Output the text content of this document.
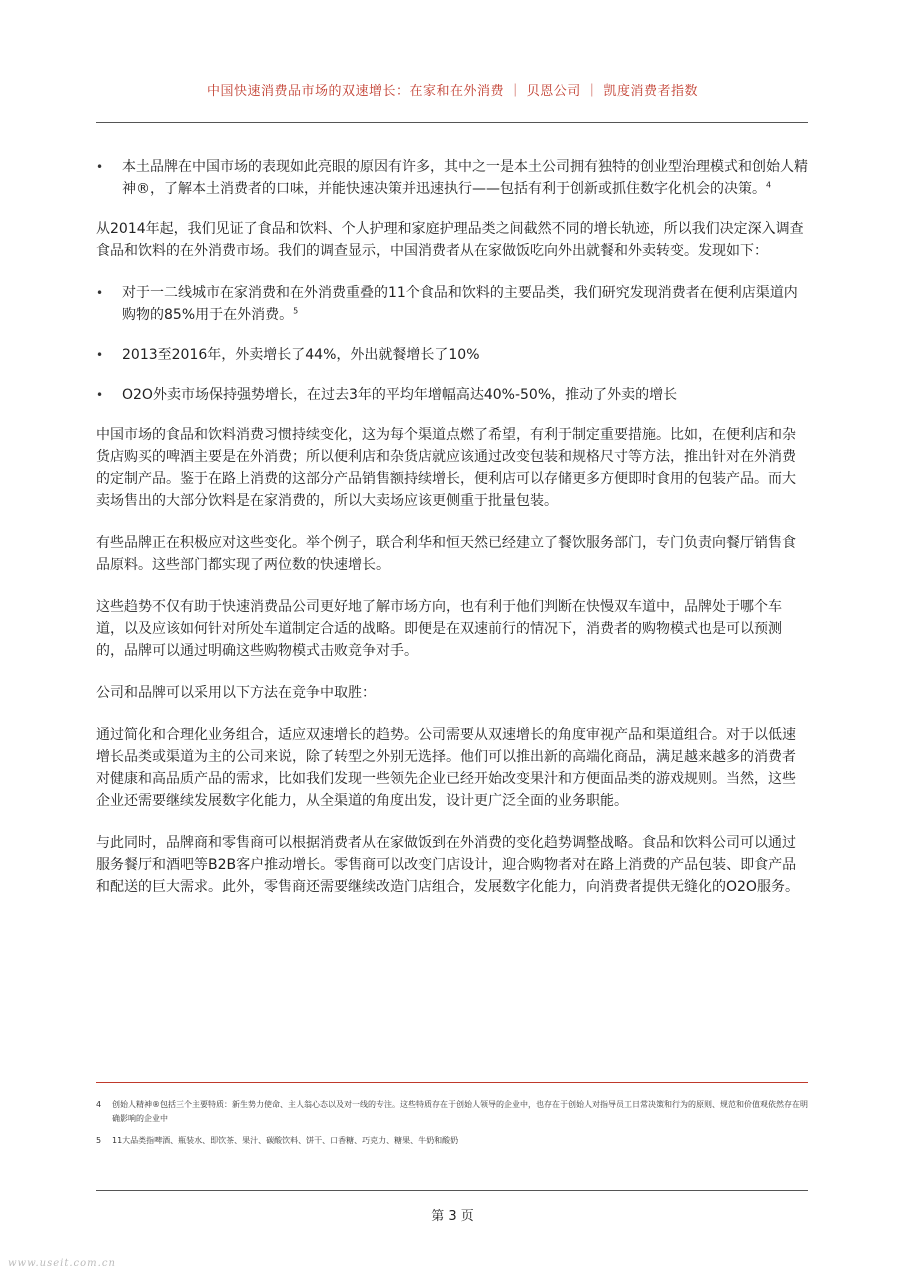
中国快速消费品市场的双速增长：在家和在外消费 ｜ 贝恩公司 ｜ 凯度消费者指数
• 本土品牌在中国市场的表现如此亮眼的原因有许多，其中之一是本土公司拥有独特的创业型治理模式和创始人精神®，了解本土消费者的口味，并能快速决策并迅速执行——包括有利于创新或抓住数字化机会的决策。$^4$

从2014年起，我们见证了食品和饮料、个人护理和家庭护理品类之间截然不同的增长轨迹，所以我们决定深入调查食品和饮料的在外消费市场。我们的调查显示，中国消费者从在家做饭吃向外出就餐和外卖转变。发现如下：

• 对于一二线城市在家消费和在外消费重叠的11个食品和饮料的主要品类，我们研究发现消费者在便利店渠道内购物的85%用于在外消费。$^5$
• 2013至2016年，外卖增长了44%，外出就餐增长了10%
• O2O外卖市场保持强势增长，在过去3年的平均年增幅高达40%-50%，推动了外卖的增长

中国市场的食品和饮料消费习惯持续变化，这为每个渠道点燃了希望，有利于制定重要措施。比如，在便利店和杂货店购买的啤酒主要是在外消费；所以便利店和杂货店就应该通过改变包装和规格尺寸等方法，推出针对在外消费的定制产品。鉴于在路上消费的这部分产品销售额持续增长，便利店可以存储更多方便即时食用的包装产品。而大卖场售出的大部分饮料是在家消费的，所以大卖场应该更侧重于批量包装。

有些品牌正在积极应对这些变化。举个例子，联合利华和恒天然已经建立了餐饮服务部门，专门负责向餐厅销售食品原料。这些部门都实现了两位数的快速增长。

这些趋势不仅有助于快速消费品公司更好地了解市场方向，也有利于他们判断在快慢双车道中，品牌处于哪个车道，以及应该如何针对所处车道制定合适的战略。即便是在双速前行的情况下，消费者的购物模式也是可以预测的，品牌可以通过明确这些购物模式击败竞争对手。

公司和品牌可以采用以下方法在竞争中取胜：

通过简化和合理化业务组合，适应双速增长的趋势。公司需要从双速增长的角度审视产品和渠道组合。对于以低速增长品类或渠道为主的公司来说，除了转型之外别无选择。他们可以推出新的高端化商品，满足越来越多的消费者对健康和高品质产品的需求，比如我们发现一些领先企业已经开始改变果汁和方便面品类的游戏规则。当然，这些企业还需要继续发展数字化能力，从全渠道的角度出发，设计更广泛全面的业务职能。

与此同时，品牌商和零售商可以根据消费者从在家做饭到在外消费的变化趋势调整战略。食品和饮料公司可以通过服务餐厅和酒吧等B2B客户推动增长。零售商可以改变门店设计，迎合购物者对在路上消费的产品包装、即食产品和配送的巨大需求。此外，零售商还需要继续改造门店组合，发展数字化能力，向消费者提供无缝化的O2O服务。

4 创始人精神®包括三个主要特质：新生势力使命、主人翁心态以及对一线的专注。这些特质存在于创始人领导的企业中，也存在于创始人对指导员工日常决策和行为的原则、规范和价值观依然存在明确影响的企业中
5 11大品类指啤酒、瓶装水、即饮茶、果汁、碳酸饮料、饼干、口香糖、巧克力、糖果、牛奶和酸奶
第 3 页
www.useit.com.cn
